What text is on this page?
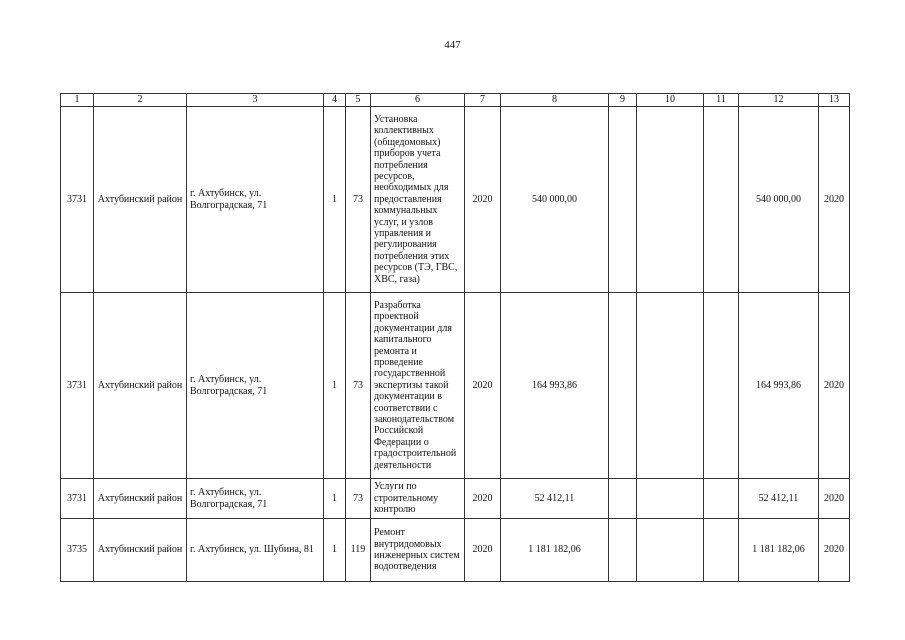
447
1	2	3	4	5	6	7	8	9	10	11	12	13
3731	Ахтубинский район	г. Ахтубинск, ул. Волгоградская, 71	1	73	Установка коллективных (общедомовых) приборов учета потребления ресурсов, необходимых для предоставления коммунальных услуг, и узлов управления и регулирования потребления этих ресурсов (ТЭ, ГВС, ХВС, газа)	2020	540 000,00				540 000,00	2020
3731	Ахтубинский район	г. Ахтубинск, ул. Волгоградская, 71	1	73	Разработка проектной документации для капитального ремонта и проведение государственной экспертизы такой документации в соответствии с законодательством Российской Федерации о градостроительной деятельности	2020	164 993,86				164 993,86	2020
3731	Ахтубинский район	г. Ахтубинск, ул. Волгоградская, 71	1	73	Услуги по строительному контролю	2020	52 412,11				52 412,11	2020
3735	Ахтубинский район	г. Ахтубинск, ул. Шубина, 81	1	119	Ремонт внутридомовых инженерных систем водоотведения	2020	1 181 182,06				1 181 182,06	2020
